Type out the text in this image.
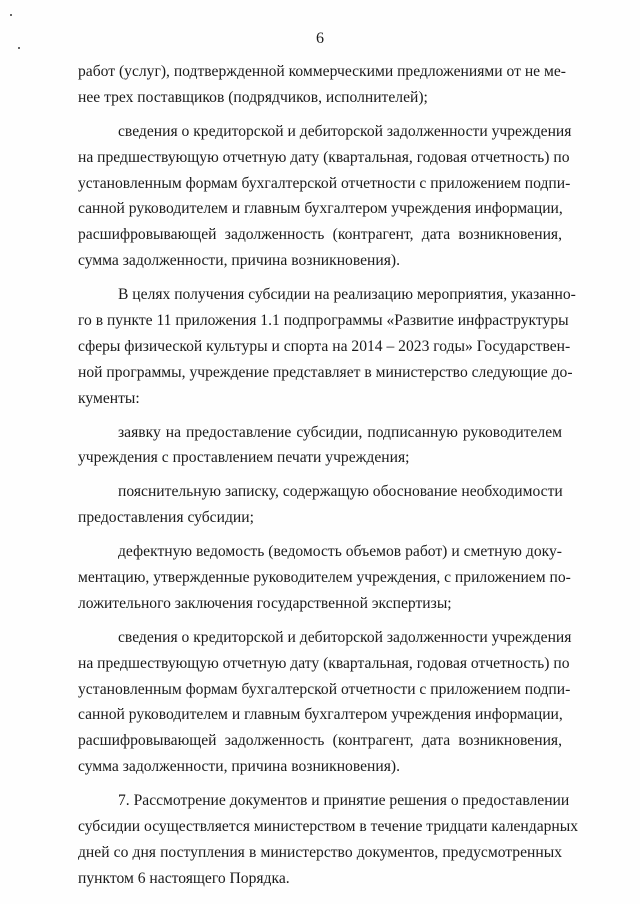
6
работ (услуг), подтвержденной коммерческими предложениями от не ме-
нее трех поставщиков (подрядчиков, исполнителей);
сведения о кредиторской и дебиторской задолженности учреждения
на предшествующую отчетную дату (квартальная, годовая отчетность) по
установленным формам бухгалтерской отчетности с приложением подпи-
санной руководителем и главным бухгалтером учреждения информации,
расшифровывающей задолженность (контрагент, дата возникновения,
сумма задолженности, причина возникновения).
В целях получения субсидии на реализацию мероприятия, указанно-
го в пункте 11 приложения 1.1 подпрограммы «Развитие инфраструктуры
сферы физической культуры и спорта на 2014 – 2023 годы» Государствен-
ной программы, учреждение представляет в министерство следующие до-
кументы:
заявку на предоставление субсидии, подписанную руководителем
учреждения с проставлением печати учреждения;
пояснительную записку, содержащую обоснование необходимости
предоставления субсидии;
дефектную ведомость (ведомость объемов работ) и сметную доку-
ментацию, утвержденные руководителем учреждения, с приложением по-
ложительного заключения государственной экспертизы;
сведения о кредиторской и дебиторской задолженности учреждения
на предшествующую отчетную дату (квартальная, годовая отчетность) по
установленным формам бухгалтерской отчетности с приложением подпи-
санной руководителем и главным бухгалтером учреждения информации,
расшифровывающей задолженность (контрагент, дата возникновения,
сумма задолженности, причина возникновения).
7. Рассмотрение документов и принятие решения о предоставлении
субсидии осуществляется министерством в течение тридцати календарных
дней со дня поступления в министерство документов, предусмотренных
пунктом 6 настоящего Порядка.
